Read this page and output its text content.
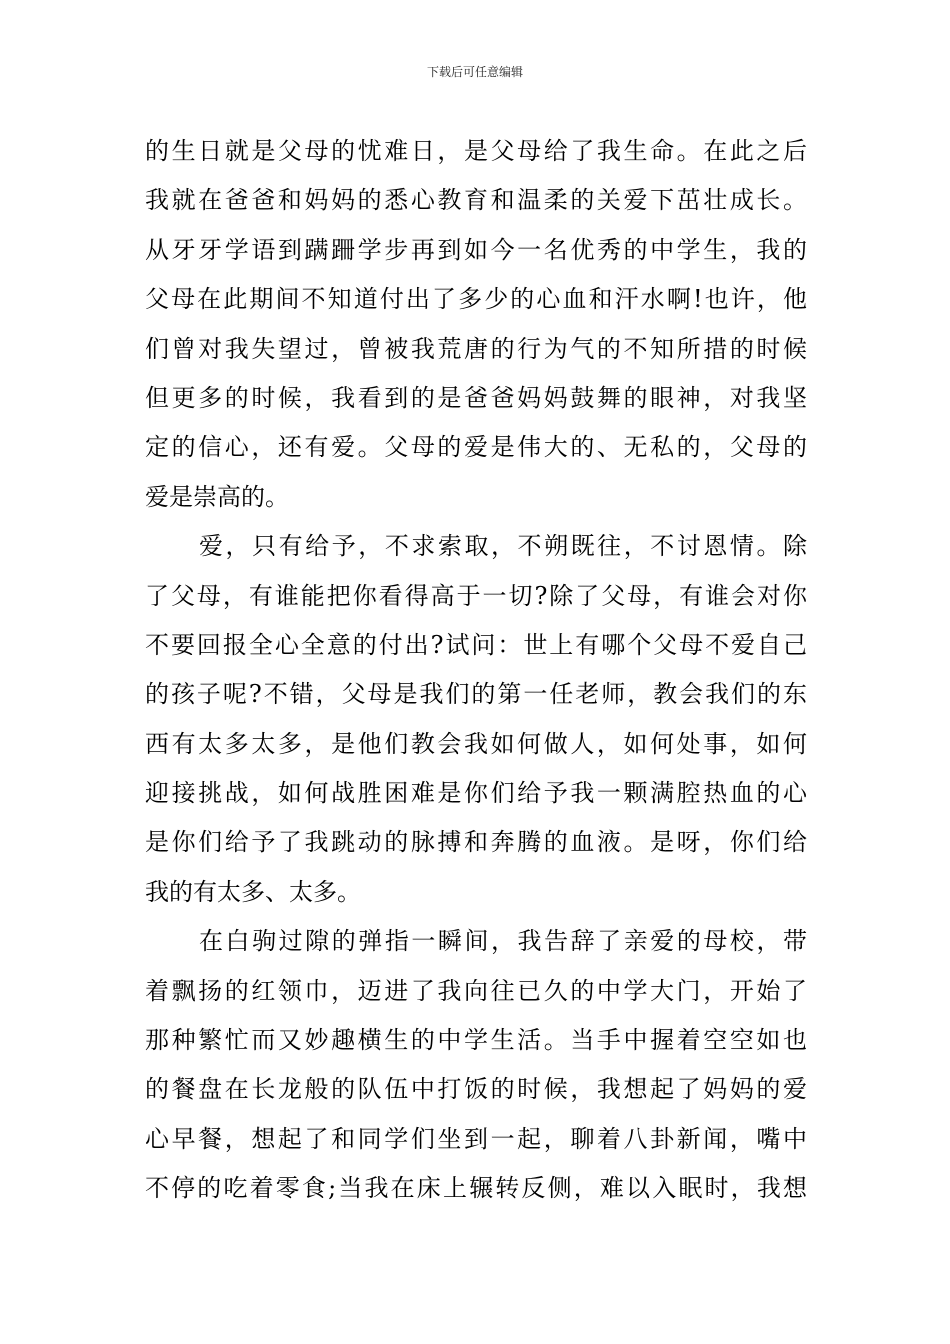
下载后可任意编辑
的生日就是父母的忧难日，是父母给了我生命。在此之后
我就在爸爸和妈妈的悉心教育和温柔的关爱下茁壮成长。
从牙牙学语到蹒跚学步再到如今一名优秀的中学生，我的
父母在此期间不知道付出了多少的心血和汗水啊!也许，他
们曾对我失望过，曾被我荒唐的行为气的不知所措的时候
但更多的时候，我看到的是爸爸妈妈鼓舞的眼神，对我坚
定的信心，还有爱。父母的爱是伟大的、无私的，父母的
爱是崇高的。
爱，只有给予，不求索取，不朔既往，不讨恩情。除
了父母，有谁能把你看得高于一切?除了父母，有谁会对你
不要回报全心全意的付出?试问：世上有哪个父母不爱自己
的孩子呢?不错，父母是我们的第一任老师，教会我们的东
西有太多太多，是他们教会我如何做人，如何处事，如何
迎接挑战，如何战胜困难是你们给予我一颗满腔热血的心
是你们给予了我跳动的脉搏和奔腾的血液。是呀，你们给
我的有太多、太多。
在白驹过隙的弹指一瞬间，我告辞了亲爱的母校，带
着飘扬的红领巾，迈进了我向往已久的中学大门，开始了
那种繁忙而又妙趣横生的中学生活。当手中握着空空如也
的餐盘在长龙般的队伍中打饭的时候，我想起了妈妈的爱
心早餐，想起了和同学们坐到一起，聊着八卦新闻，嘴中
不停的吃着零食;当我在床上辗转反侧，难以入眠时，我想
